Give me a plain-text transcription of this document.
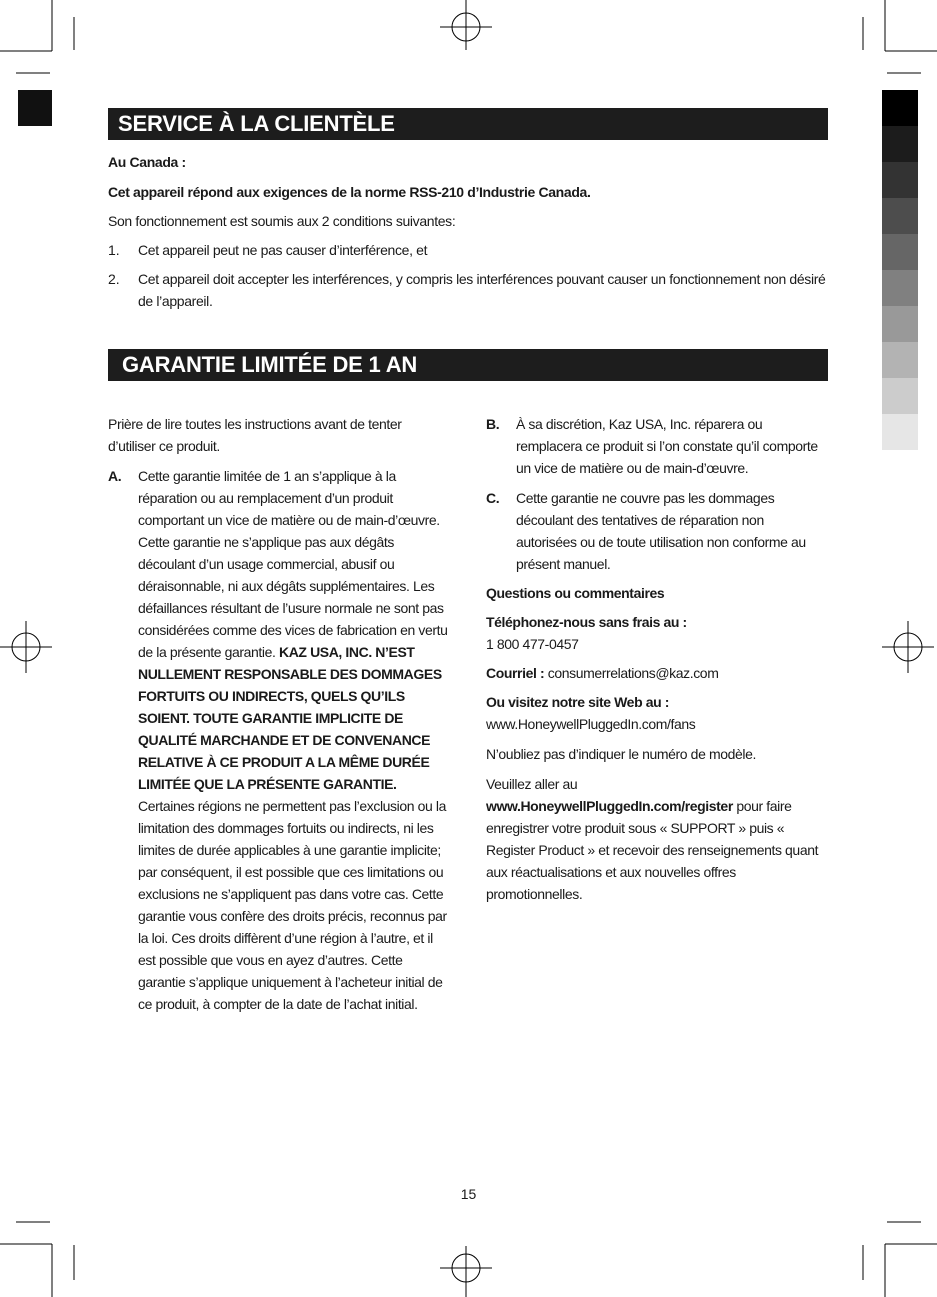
SERVICE À LA CLIENTÈLE
Au Canada :
Cet appareil répond aux exigences de la norme RSS-210 d’Industrie Canada.
Son fonctionnement est soumis aux 2 conditions suivantes:
1. Cet appareil peut ne pas causer d’interférence, et
2. Cet appareil doit accepter les interférences, y compris les interférences pouvant causer un fonctionnement non désiré de l’appareil.
GARANTIE LIMITÉE DE 1 AN

Prière de lire toutes les instructions avant de tenter d’utiliser ce produit.

A. Cette garantie limitée de 1 an s’applique à la réparation ou au remplacement d’un produit comportant un vice de matière ou de main-d’œuvre. Cette garantie ne s’applique pas aux dégâts découlant d’un usage commercial, abusif ou déraisonnable, ni aux dégâts supplémentaires. Les défaillances résultant de l’usure normale ne sont pas considérées comme des vices de fabrication en vertu de la présente garantie. KAZ USA, INC. N’EST NULLEMENT RESPONSABLE DES DOMMAGES FORTUITS OU INDIRECTS, QUELS QU’ILS SOIENT. TOUTE GARANTIE IMPLICITE DE QUALITÉ MARCHANDE ET DE CONVENANCE RELATIVE À CE PRODUIT A LA MÊME DURÉE LIMITÉE QUE LA PRÉSENTE GARANTIE. Certaines régions ne permettent pas l’exclusion ou la limitation des dommages fortuits ou indirects, ni les limites de durée applicables à une garantie implicite; par conséquent, il est possible que ces limitations ou exclusions ne s’appliquent pas dans votre cas. Cette garantie vous confère des droits précis, reconnus par la loi. Ces droits diffèrent d’une région à l’autre, et il est possible que vous en ayez d’autres. Cette garantie s’applique uniquement à l’acheteur initial de ce produit, à compter de la date de l’achat initial.
B. À sa discrétion, Kaz USA, Inc. réparera ou remplacera ce produit si l’on constate qu’il comporte un vice de matière ou de main-d’œuvre.
C. Cette garantie ne couvre pas les dommages découlant des tentatives de réparation non autorisées ou de toute utilisation non conforme au présent manuel.

Questions ou commentaires

Téléphonez-nous sans frais au :

1 800 477-0457

Courriel : consumerrelations@kaz.com

Ou visitez notre site Web au :

www.HoneywellPluggedIn.com/fans

N’oubliez pas d’indiquer le numéro de modèle.

Veuillez aller au

www.HoneywellPluggedIn.com/register pour faire enregistrer votre produit sous « SUPPORT » puis « Register Product » et recevoir des renseignements quant aux réactualisations et aux nouvelles offres promotionnelles.

15
